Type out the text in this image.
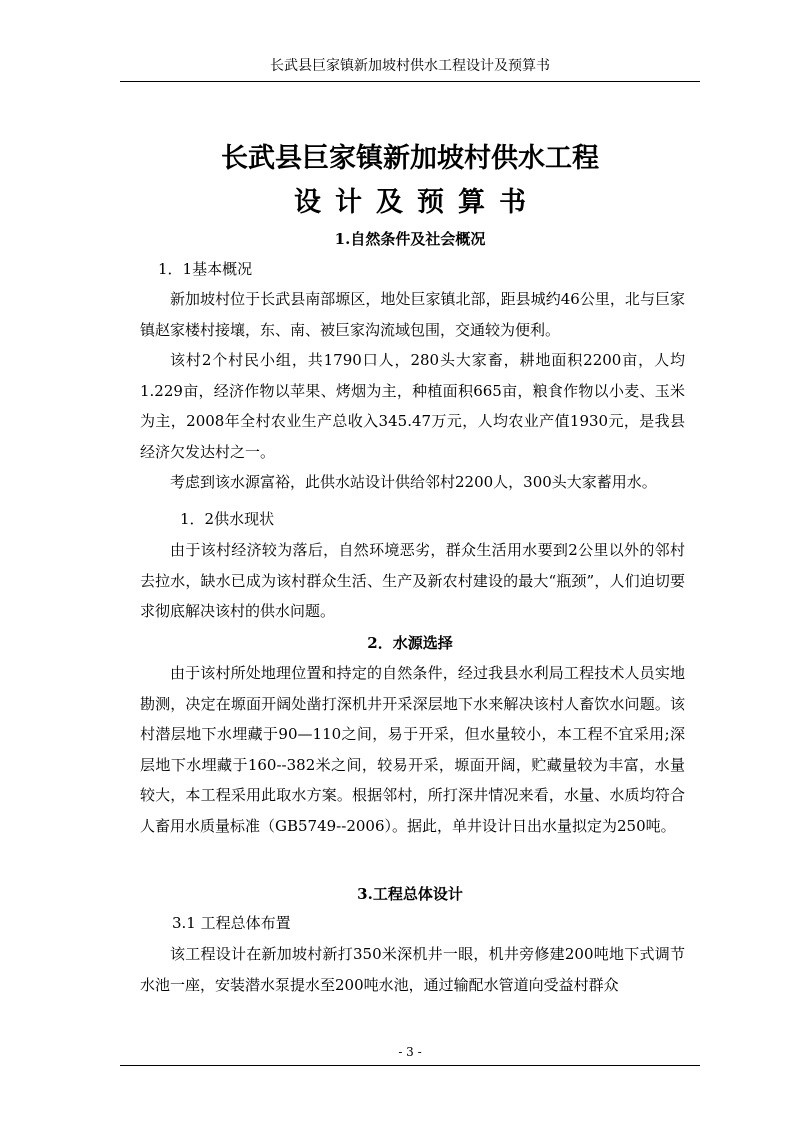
长武县巨家镇新加坡村供水工程设计及预算书
长武县巨家镇新加坡村供水工程
设计及预算书
1.自然条件及社会概况
1．1基本概况

新加坡村位于长武县南部塬区，地处巨家镇北部，距县城约46公里，北与巨家镇赵家楼村接壤，东、南、被巨家沟流域包围，交通较为便利。

该村2个村民小组，共1790口人，280头大家畜，耕地面积2200亩，人均1.229亩，经济作物以苹果、烤烟为主，种植面积665亩，粮食作物以小麦、玉米为主，2008年全村农业生产总收入345.47万元，人均农业产值1930元，是我县经济欠发达村之一。

考虑到该水源富裕，此供水站设计供给邻村2200人，300头大家蓄用水。

1．2供水现状

由于该村经济较为落后，自然环境恶劣，群众生活用水要到2公里以外的邻村去拉水，缺水已成为该村群众生活、生产及新农村建设的最大“瓶颈”，人们迫切要求彻底解决该村的供水问题。

2．水源选择

由于该村所处地理位置和持定的自然条件，经过我县水利局工程技术人员实地勘测，决定在塬面开阔处凿打深机井开采深层地下水来解决该村人畜饮水问题。该村潜层地下水埋藏于90—110之间，易于开采，但水量较小，本工程不宜采用;深层地下水埋藏于160--382米之间，较易开采，塬面开阔，贮藏量较为丰富，水量较大，本工程采用此取水方案。根据邻村，所打深井情况来看，水量、水质均符合人畜用水质量标准（GB5749--2006）。据此，单井设计日出水量拟定为250吨。

3.工程总体设计
3.1 工程总体布置

该工程设计在新加坡村新打350米深机井一眼，机井旁修建200吨地下式调节水池一座，安装潜水泵提水至200吨水池，通过输配水管道向受益村群众

- 3 -
